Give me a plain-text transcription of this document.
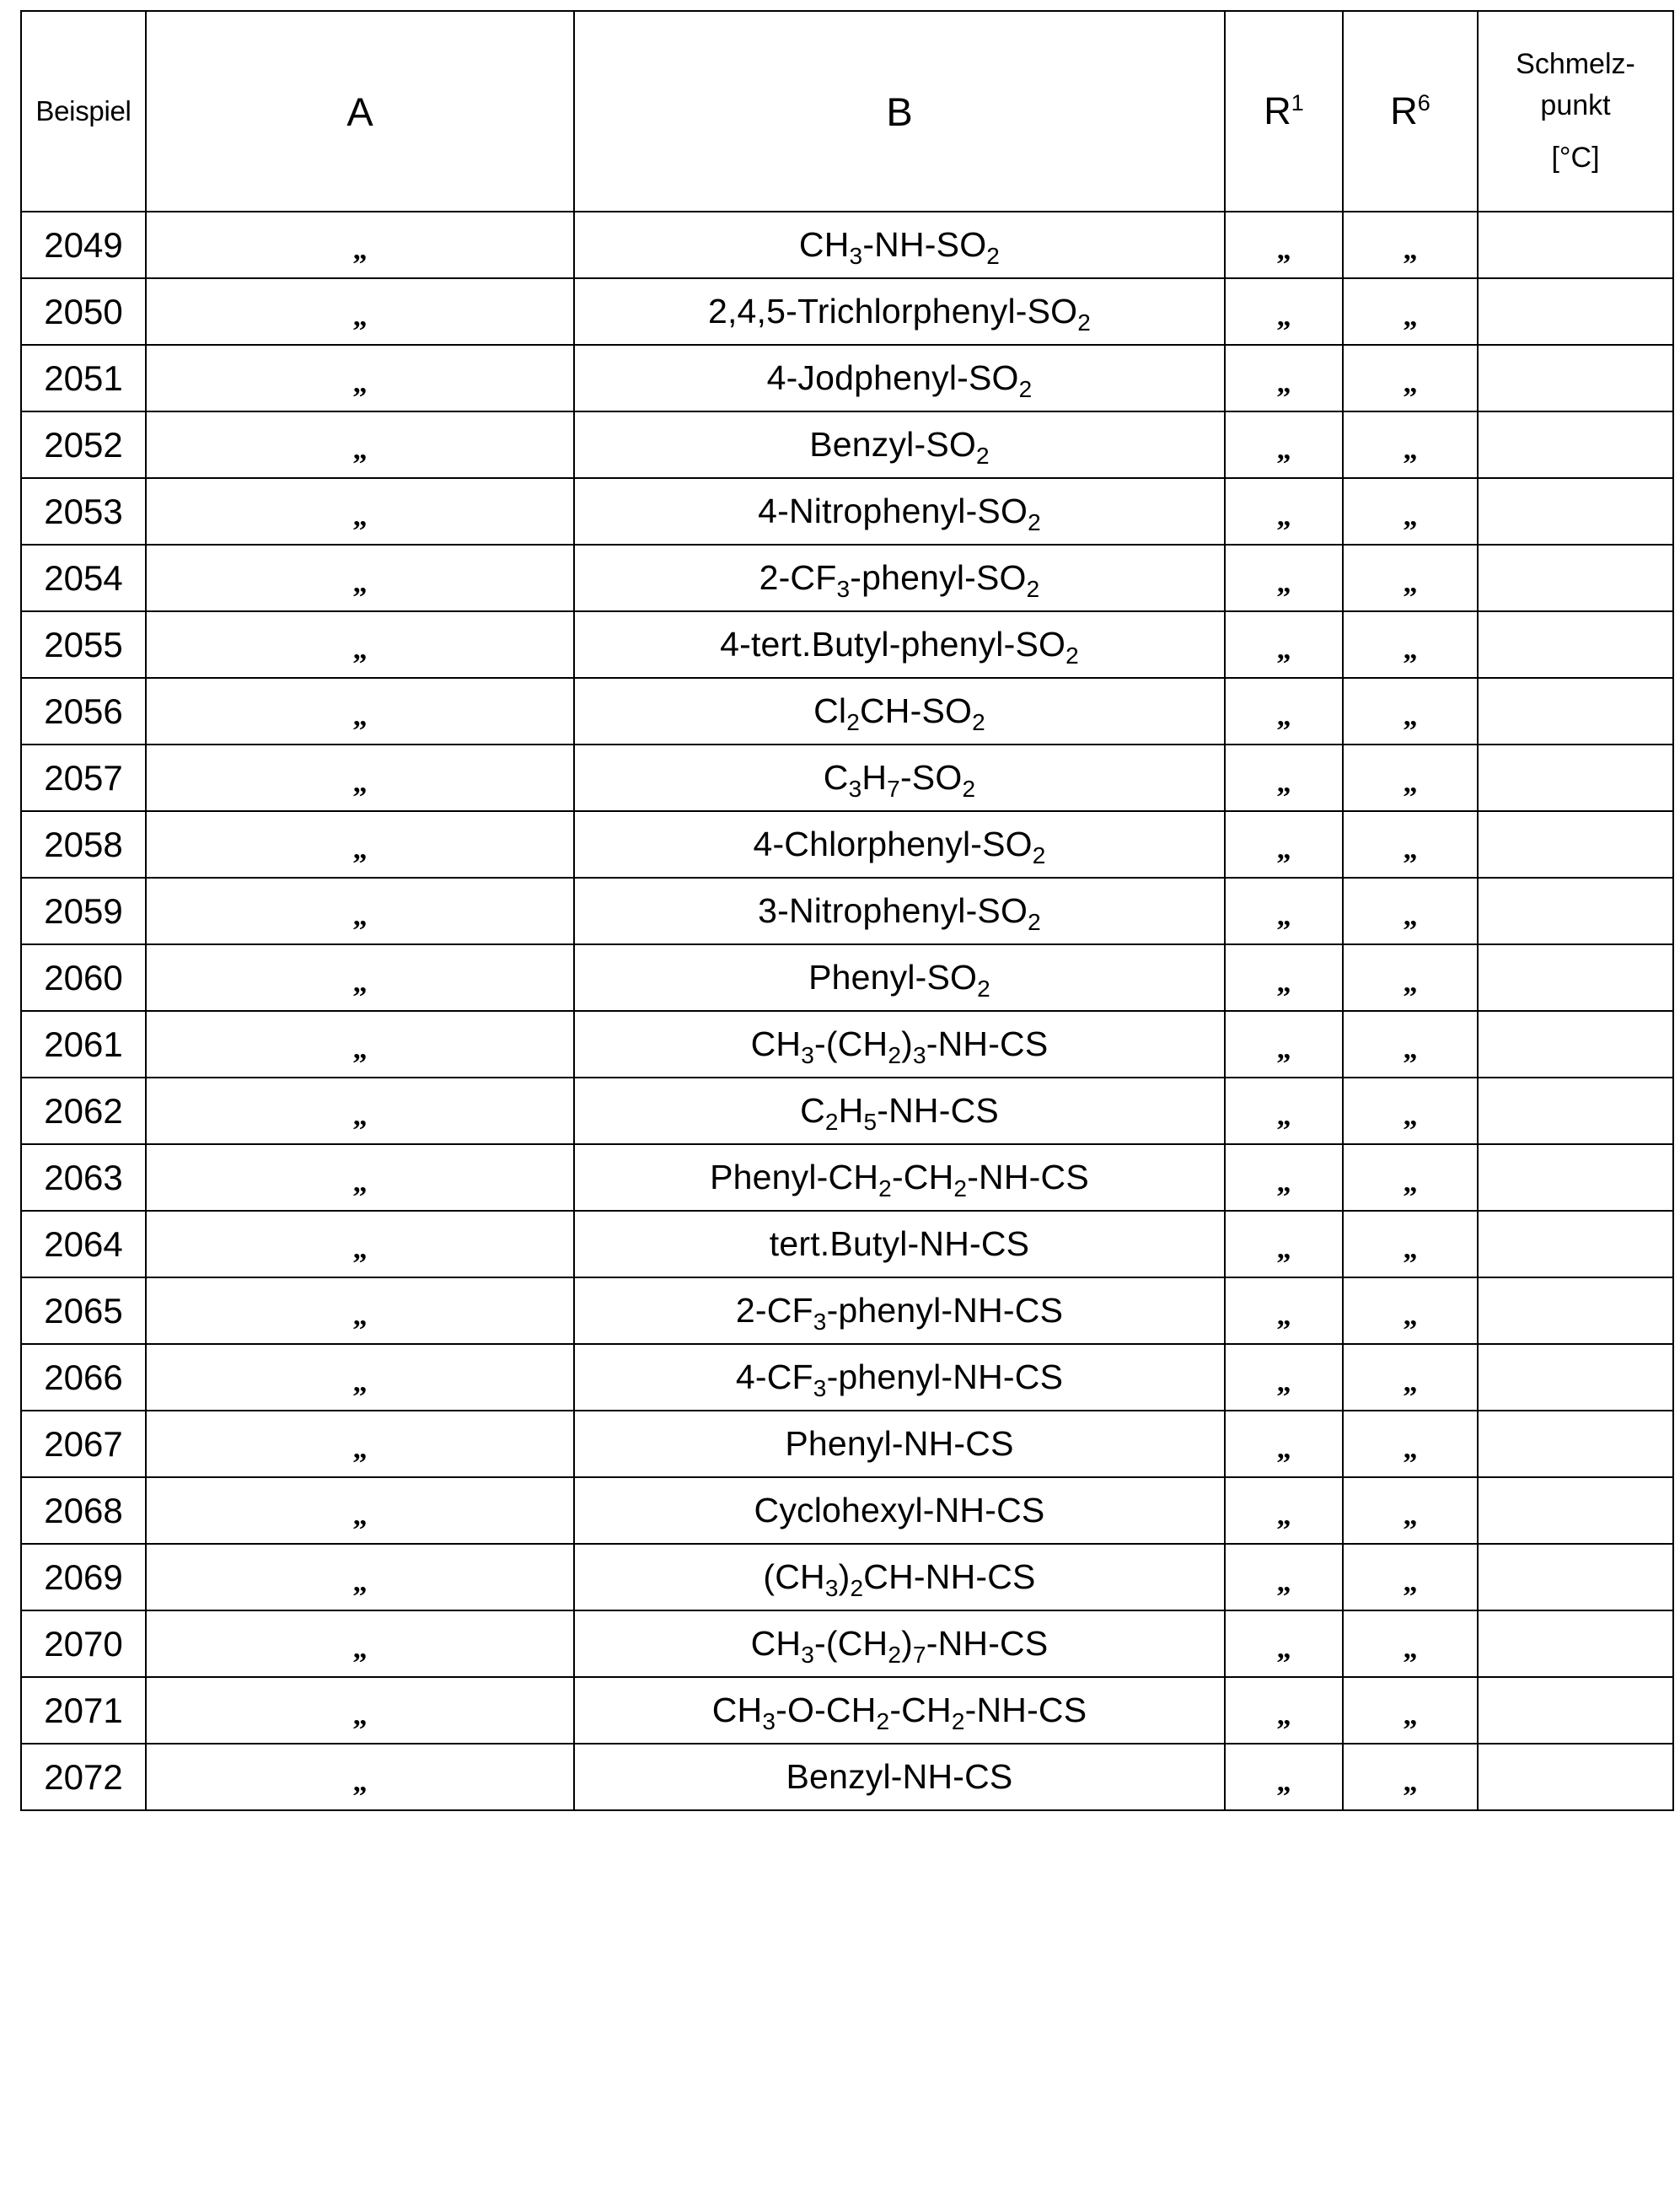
Beispiel	A	B	$R^1$	$R^6$	Schmelz-
punkt
[°C]

2049	„	$CH_3-NH-SO_2$	„	„	
2050	„	$2,4,5-Trichlorphenyl-SO_2$	„	„	
2051	„	$4-Jodphenyl-SO_2$	„	„	
2052	„	Benzyl-$SO_2$	„	„	
2053	„	$4-Nitrophenyl-SO_2$	„	„	
2054	„	$2-CF_3-phenyl-SO_2$	„	„	
2055	„	$4-tert.Butyl-phenyl-SO_2$	„	„	
2056	„	$Cl_2CH-SO_2$	„	„	
2057	„	$C_3H_7-SO_2$	„	„	
2058	„	$4-Chlorphenyl-SO_2$	„	„	
2059	„	$3-Nitrophenyl-SO_2$	„	„	
2060	„	Phenyl-$SO_2$	„	„	
2061	„	$CH_3-(CH_2)_3-NH-CS$	„	„	
2062	„	$C_2H_5-NH-CS$	„	„	
2063	„	Phenyl-$CH_2-CH_2-NH-CS$	„	„	
2064	„	tert.Butyl-NH-CS	„	„	
2065	„	$2-CF_3-phenyl-NH-CS$	„	„	
2066	„	$4-CF_3-phenyl-NH-CS$	„	„	
2067	„	Phenyl-NH-CS	„	„	
2068	„	Cyclohexyl-NH-CS	„	„	
2069	„	$(CH_3)_2CH-NH-CS$	„	„	
2070	„	$CH_3-(CH_2)_7-NH-CS$	„	„	
2071	„	$CH_3-O-CH_2-CH_2-NH-CS$	„	„	
2072	„	Benzyl-NH-CS	„	„	
